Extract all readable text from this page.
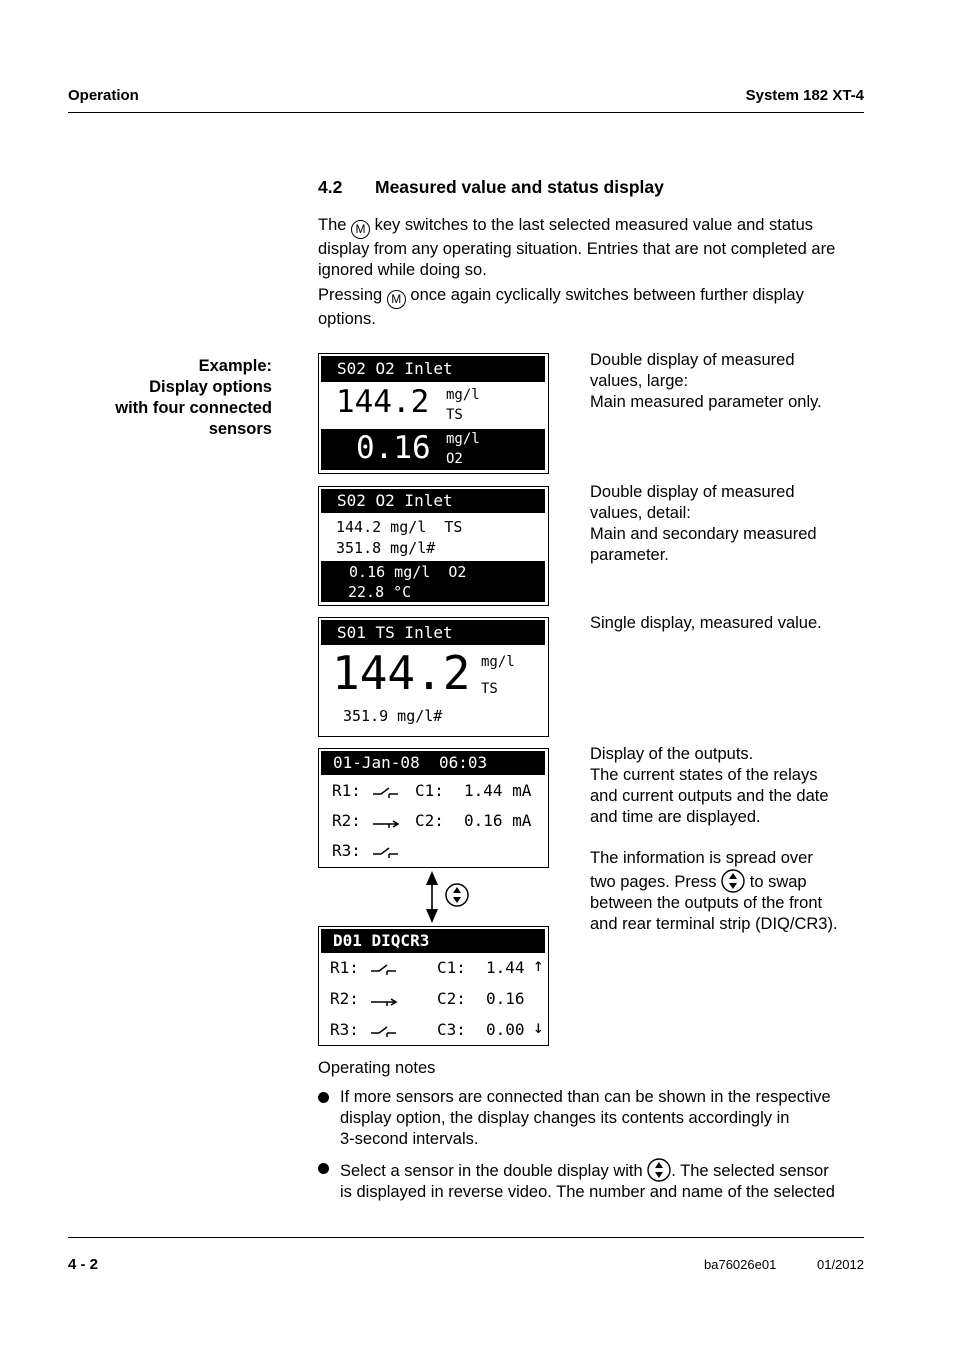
Operation	System 182 XT-4
4.2 Measured value and status display
The M key switches to the last selected measured value and status
display from any operating situation. Entries that are not completed are
ignored while doing so.
Pressing M once again cyclically switches between further display
options.
Example:
Display options
with four connected
sensors

S02 O2 Inlet

144.2 mg/l
TS

0.16

mg/l

O2

S02 O2 Inlet

144.2 mg/l  TS
351.8 mg/l#

0.16 mg/l  O2

22.8 °C

S01 TS Inlet

144.2 mg/l
TS
351.9 mg/l#

01-Jan-08  06:03

R1:	C1: 1.44 mA
R2:	C2: 0.16 mA
R3:

D01 DIQCR3

R1:	C1: 1.44 ↑
R2:	C2: 0.16
R3:	C3: 0.00 ↓
Double display of measured
values, large:
Main measured parameter only.
Double display of measured
values, detail:
Main and secondary measured
parameter.
Single display, measured value.
Display of the outputs.
The current states of the relays
and current outputs and the date
and time are displayed.
The information is spread over
two pages. Press to swap
between the outputs of the front
and rear terminal strip (DIQ/CR3).
Operating notes
If more sensors are connected than can be shown in the respective
display option, the display changes its contents accordingly in
3-second intervals.
Select a sensor in the double display with . The selected sensor
is displayed in reverse video. The number and name of the selected
4 - 2	ba76026e01	01/2012
